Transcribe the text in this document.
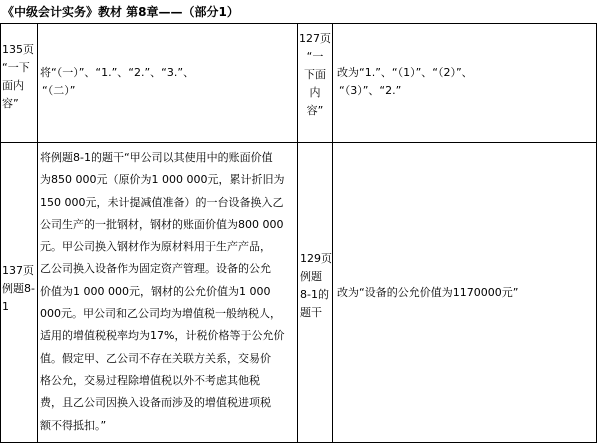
《中级会计实务》教材 第8章——（部分1）
135页
“一下
面内
容”
将“（一）”、“1.”、“2.”、“3.”、
“（二）”
127页
“一
下面
内
容”
改为“1.”、“（1）”、“（2）”、
“（3）”、“2.”
137页
例题8-
1
将例题8-1的题干“甲公司以其使用中的账面价值
为850 000元（原价为1 000 000元，累计折旧为
150 000元，未计提减值准备）的一台设备换入乙
公司生产的一批钢材，钢材的账面价值为800 000
元。甲公司换入钢材作为原材料用于生产产品，
乙公司换入设备作为固定资产管理。设备的公允
价值为1 000 000元，钢材的公允价值为1 000
000元。甲公司和乙公司均为增值税一般纳税人，
适用的增值税税率均为17%，计税价格等于公允价
值。假定甲、乙公司不存在关联方关系，交易价
格公允，交易过程除增值税以外不考虑其他税
费，且乙公司因换入设备而涉及的增值税进项税
额不得抵扣。”
129页
例题
8-1的
题干
改为“设备的公允价值为1170000元”
